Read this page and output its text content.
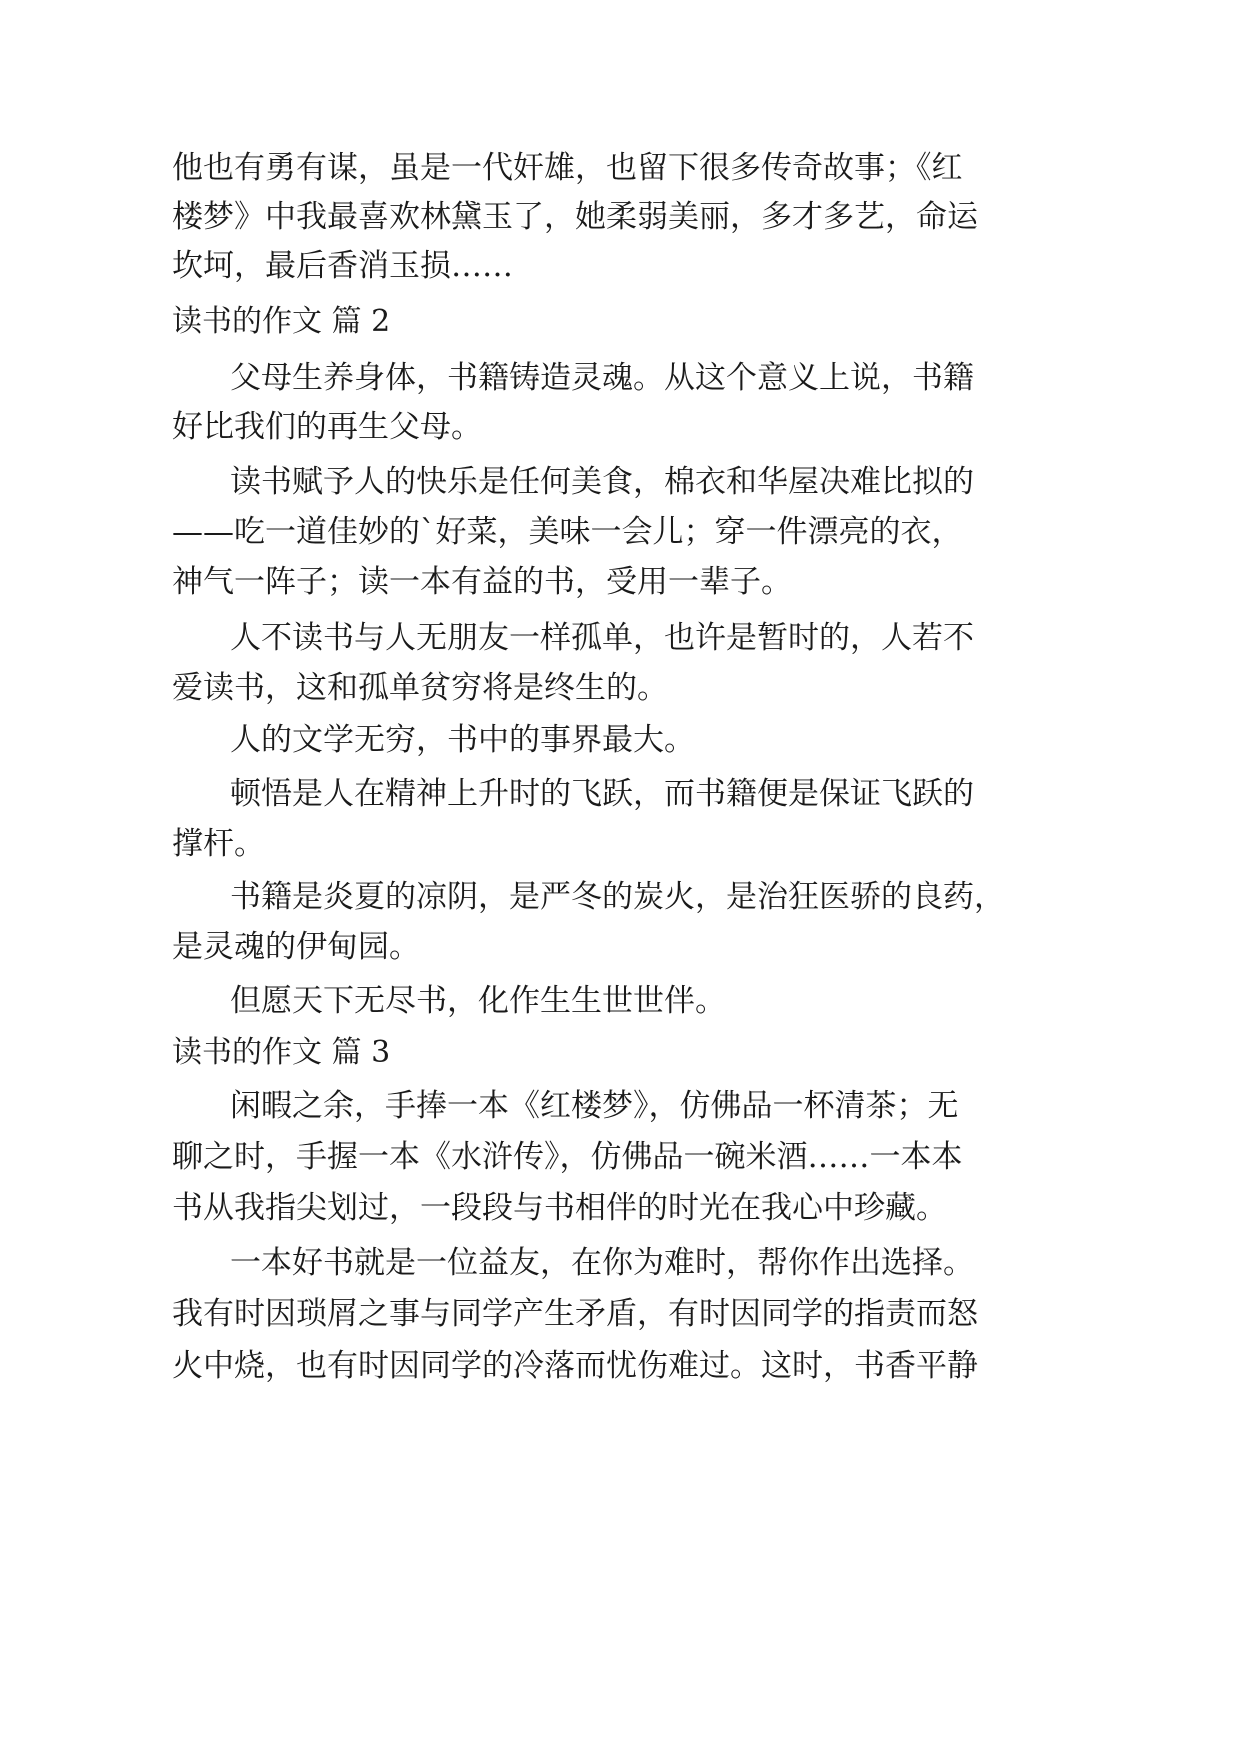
他也有勇有谋，虽是一代奸雄，也留下很多传奇故事；《红
楼梦》中我最喜欢林黛玉了，她柔弱美丽，多才多艺，命运
坎坷，最后香消玉损……
读书的作文 篇 2
父母生养身体，书籍铸造灵魂。从这个意义上说，书籍
好比我们的再生父母。
读书赋予人的快乐是任何美食，棉衣和华屋决难比拟的
——吃一道佳妙的`好菜，美味一会儿；穿一件漂亮的衣，
神气一阵子；读一本有益的书，受用一辈子。
人不读书与人无朋友一样孤单，也许是暂时的，人若不
爱读书，这和孤单贫穷将是终生的。
人的文学无穷，书中的事界最大。
顿悟是人在精神上升时的飞跃，而书籍便是保证飞跃的
撑杆。
书籍是炎夏的凉阴，是严冬的炭火，是治狂医骄的良药，
是灵魂的伊甸园。
但愿天下无尽书，化作生生世世伴。
读书的作文 篇 3
闲暇之余，手捧一本《红楼梦》，仿佛品一杯清茶；无
聊之时，手握一本《水浒传》，仿佛品一碗米酒……一本本
书从我指尖划过，一段段与书相伴的时光在我心中珍藏。
一本好书就是一位益友，在你为难时，帮你作出选择。
我有时因琐屑之事与同学产生矛盾，有时因同学的指责而怒
火中烧，也有时因同学的冷落而忧伤难过。这时，书香平静
